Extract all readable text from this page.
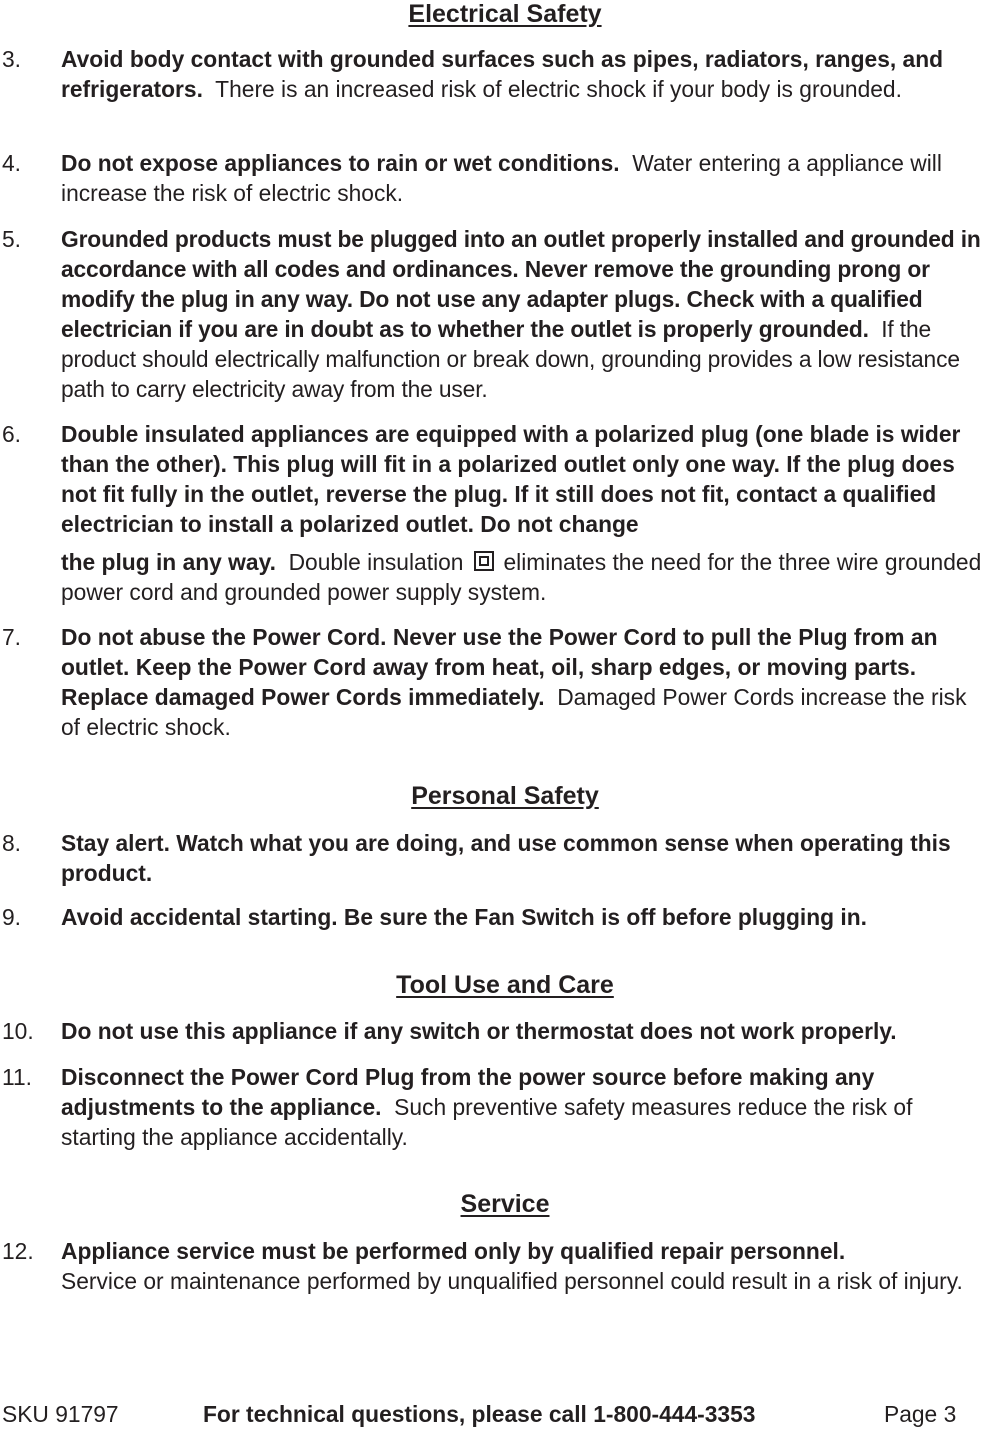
Electrical Safety
3. Avoid body contact with grounded surfaces such as pipes, radiators, ranges, and refrigerators. There is an increased risk of electric shock if your body is grounded.
4. Do not expose appliances to rain or wet conditions. Water entering a appliance will increase the risk of electric shock.
5. Grounded products must be plugged into an outlet properly installed and grounded in accordance with all codes and ordinances. Never remove the grounding prong or modify the plug in any way. Do not use any adapter plugs. Check with a qualified electrician if you are in doubt as to whether the outlet is properly grounded. If the product should electrically malfunction or break down, grounding provides a low resistance path to carry electricity away from the user.
6. Double insulated appliances are equipped with a polarized plug (one blade is wider than the other). This plug will fit in a polarized outlet only one way. If the plug does not fit fully in the outlet, reverse the plug. If it still does not fit, contact a qualified electrician to install a polarized outlet. Do not change
the plug in any way. Double insulation eliminates the need for the three wire grounded power cord and grounded power supply system.
7. Do not abuse the Power Cord. Never use the Power Cord to pull the Plug from an outlet. Keep the Power Cord away from heat, oil, sharp edges, or moving parts. Replace damaged Power Cords immediately. Damaged Power Cords increase the risk of electric shock.
Personal Safety
8. Stay alert. Watch what you are doing, and use common sense when operating this product.
9. Avoid accidental starting. Be sure the Fan Switch is off before plugging in.
Tool Use and Care
10. Do not use this appliance if any switch or thermostat does not work properly.
11. Disconnect the Power Cord Plug from the power source before making any adjustments to the appliance. Such preventive safety measures reduce the risk of starting the appliance accidentally.
Service
12. Appliance service must be performed only by qualified repair personnel.
Service or maintenance performed by unqualified personnel could result in a risk of injury.
SKU 91797	For technical questions, please call 1-800-444-3353	Page 3
